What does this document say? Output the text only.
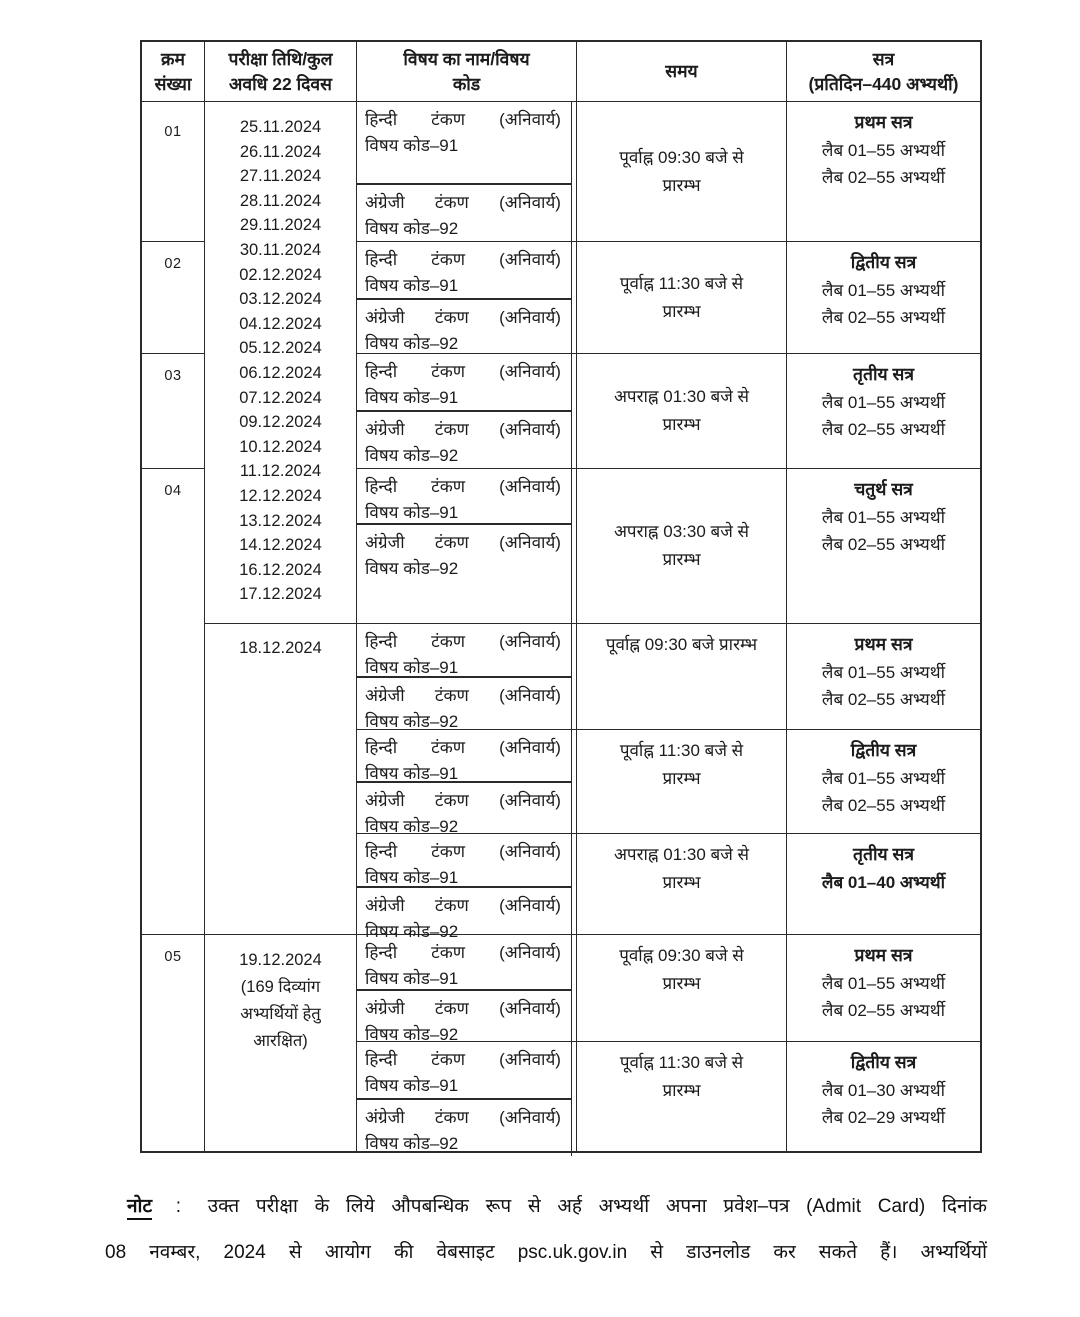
क्रम
संख्या
परीक्षा तिथि/कुल
अवधि 22 दिवस
विषय का नाम/विषय
कोड
समय
सत्र
(प्रतिदिन–440 अभ्यर्थी)
01
02
03
04
05
25.11.2024
26.11.2024
27.11.2024
28.11.2024
29.11.2024
30.11.2024
02.12.2024
03.12.2024
04.12.2024
05.12.2024
06.12.2024
07.12.2024
09.12.2024
10.12.2024
11.12.2024
12.12.2024
13.12.2024
14.12.2024
16.12.2024
17.12.2024
18.12.2024
19.12.2024
(169 दिव्यांग
अभ्यर्थियों हेतु
आरक्षित)
हिन्दी टंकण (अनिवार्य)
विषय कोड–91
अंग्रेजी टंकण (अनिवार्य)
विषय कोड–92
पूर्वाह्न 09:30 बजे से
प्रारम्भ
प्रथम सत्र
लैब 01–55 अभ्यर्थी
लैब 02–55 अभ्यर्थी
हिन्दी टंकण (अनिवार्य)
विषय कोड–91
अंग्रेजी टंकण (अनिवार्य)
विषय कोड–92
पूर्वाह्न 11:30 बजे से
प्रारम्भ
द्वितीय सत्र
लैब 01–55 अभ्यर्थी
लैब 02–55 अभ्यर्थी
हिन्दी टंकण (अनिवार्य)
विषय कोड–91
अंग्रेजी टंकण (अनिवार्य)
विषय कोड–92
अपराह्न 01:30 बजे से
प्रारम्भ
तृतीय सत्र
लैब 01–55 अभ्यर्थी
लैब 02–55 अभ्यर्थी
हिन्दी टंकण (अनिवार्य)
विषय कोड–91
अंग्रेजी टंकण (अनिवार्य)
विषय कोड–92
अपराह्न 03:30 बजे से
प्रारम्भ
चतुर्थ सत्र
लैब 01–55 अभ्यर्थी
लैब 02–55 अभ्यर्थी
हिन्दी टंकण (अनिवार्य)
विषय कोड–91
अंग्रेजी टंकण (अनिवार्य)
विषय कोड–92
पूर्वाह्न 09:30 बजे प्रारम्भ	प्रथम सत्र
लैब 01–55 अभ्यर्थी
लैब 02–55 अभ्यर्थी
हिन्दी टंकण (अनिवार्य)
विषय कोड–91
अंग्रेजी टंकण (अनिवार्य)
विषय कोड–92
पूर्वाह्न 11:30 बजे से
प्रारम्भ
द्वितीय सत्र
लैब 01–55 अभ्यर्थी
लैब 02–55 अभ्यर्थी
हिन्दी टंकण (अनिवार्य)
विषय कोड–91
अंग्रेजी टंकण (अनिवार्य)
विषय कोड–92
अपराह्न 01:30 बजे से
प्रारम्भ
तृतीय सत्र
लैब 01–40 अभ्यर्थी
हिन्दी टंकण (अनिवार्य)
विषय कोड–91
अंग्रेजी टंकण (अनिवार्य)
विषय कोड–92
पूर्वाह्न 09:30 बजे से
प्रारम्भ
प्रथम सत्र
लैब 01–55 अभ्यर्थी
लैब 02–55 अभ्यर्थी
हिन्दी टंकण (अनिवार्य)
विषय कोड–91
अंग्रेजी टंकण (अनिवार्य)
विषय कोड–92
पूर्वाह्न 11:30 बजे से
प्रारम्भ
द्वितीय सत्र
लैब 01–30 अभ्यर्थी
लैब 02–29 अभ्यर्थी
नोट : उक्त परीक्षा के लिये औपबन्धिक रूप से अर्ह अभ्यर्थी अपना प्रवेश–पत्र (Admit Card) दिनांक
08 नवम्बर, 2024 से आयोग की वेबसाइट psc.uk.gov.in से डाउनलोड कर सकते हैं। अभ्यर्थियों
